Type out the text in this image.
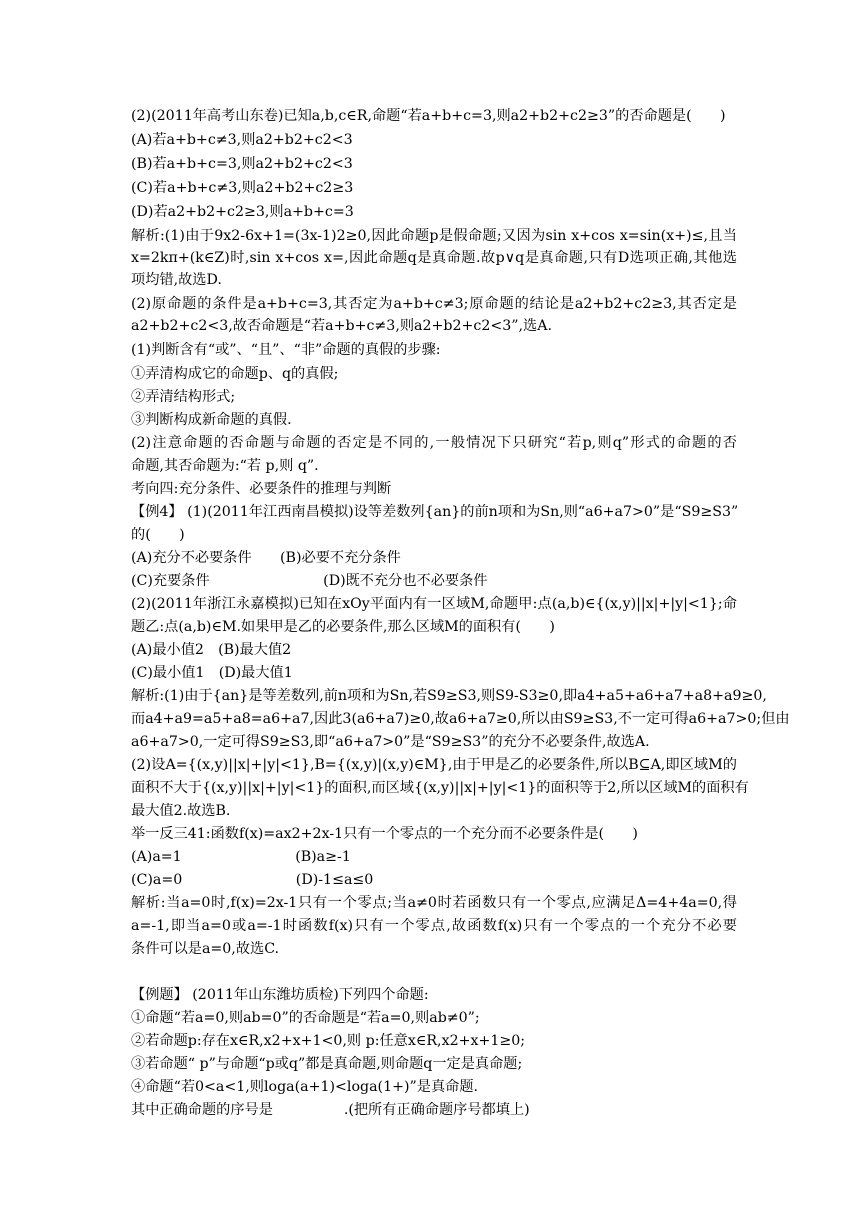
(2)(2011年高考山东卷)已知a,b,c∈R,命题“若a+b+c=3,则a2+b2+c2≥3”的否命题是(　　)
(A)若a+b+c≠3,则a2+b2+c2<3
(B)若a+b+c=3,则a2+b2+c2<3
(C)若a+b+c≠3,则a2+b2+c2≥3
(D)若a2+b2+c2≥3,则a+b+c=3
解析:(1)由于9x2-6x+1=(3x-1)2≥0,因此命题p是假命题;又因为sin x+cos x=sin(x+)≤,且当
x=2kπ+(k∈Z)时,sin x+cos x=,因此命题q是真命题.故p∨q是真命题,只有D选项正确,其他选
项均错,故选D.
(2)原命题的条件是a+b+c=3,其否定为a+b+c≠3;原命题的结论是a2+b2+c2≥3,其否定是
a2+b2+c2<3,故否命题是“若a+b+c≠3,则a2+b2+c2<3”,选A.
(1)判断含有“或”、“且”、“非”命题的真假的步骤:
①弄清构成它的命题p、q的真假;
②弄清结构形式;
③判断构成新命题的真假.
(2)注意命题的否命题与命题的否定是不同的,一般情况下只研究“若p,则q”形式的命题的否
命题,其否命题为:“若 p,则 q”.
考向四:充分条件、必要条件的推理与判断
【例4】 (1)(2011年江西南昌模拟)设等差数列{an}的前n项和为Sn,则“a6+a7>0”是“S9≥S3”
的(　　)
(A)充分不必要条件　　(B)必要不充分条件
(C)充要条件　　　　　　　　(D)既不充分也不必要条件
(2)(2011年浙江永嘉模拟)已知在xOy平面内有一区域M,命题甲:点(a,b)∈{(x,y)||x|+|y|<1};命
题乙:点(a,b)∈M.如果甲是乙的必要条件,那么区域M的面积有(　　)
(A)最小值2　(B)最大值2
(C)最小值1　(D)最大值1
解析:(1)由于{an}是等差数列,前n项和为Sn,若S9≥S3,则S9-S3≥0,即a4+a5+a6+a7+a8+a9≥0,
而a4+a9=a5+a8=a6+a7,因此3(a6+a7)≥0,故a6+a7≥0,所以由S9≥S3,不一定可得a6+a7>0;但由
a6+a7>0,一定可得S9≥S3,即“a6+a7>0”是“S9≥S3”的充分不必要条件,故选A.
(2)设A={(x,y)||x|+|y|<1},B={(x,y)|(x,y)∈M},由于甲是乙的必要条件,所以B⊆A,即区域M的
面积不大于{(x,y)||x|+|y|<1}的面积,而区域{(x,y)||x|+|y|<1}的面积等于2,所以区域M的面积有
最大值2.故选B.
举一反三41:函数f(x)=ax2+2x-1只有一个零点的一个充分而不必要条件是(　　)
(A)a=1　　　　　　　　(B)a≥-1
(C)a=0　　　　　　　　(D)-1≤a≤0
解析:当a=0时,f(x)=2x-1只有一个零点;当a≠0时若函数只有一个零点,应满足Δ=4+4a=0,得
a=-1,即当a=0或a=-1时函数f(x)只有一个零点,故函数f(x)只有一个零点的一个充分不必要
条件可以是a=0,故选C.
【例题】 (2011年山东潍坊质检)下列四个命题:
①命题“若a=0,则ab=0”的否命题是“若a=0,则ab≠0”;
②若命题p:存在x∈R,x2+x+1<0,则 p:任意x∈R,x2+x+1≥0;
③若命题“ p”与命题“p或q”都是真命题,则命题q一定是真命题;
④命题“若0<a<1,则loga(a+1)<loga(1+)”是真命题.
其中正确命题的序号是　　　　　.(把所有正确命题序号都填上)
